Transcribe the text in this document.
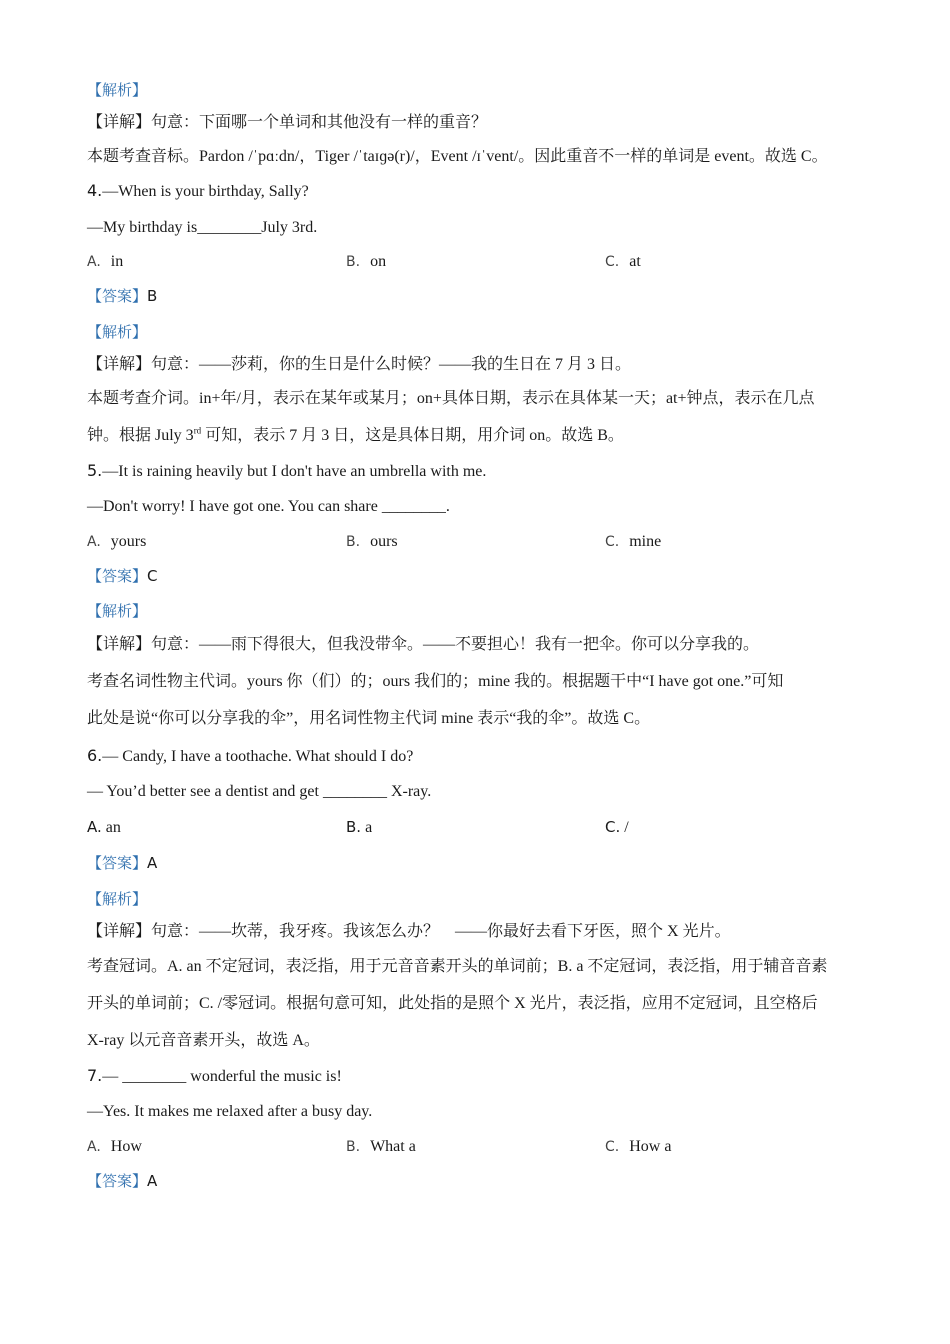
【解析】
【详解】句意：下面哪一个单词和其他没有一样的重音？
本题考查音标。Pardon /ˈpɑːdn/，Tiger /ˈtaɪɡə(r)/，Event /ɪˈvent/。因此重音不一样的单词是 event。故选 C。
4.—When is your birthday, Sally?
—My birthday is________July 3rd.
A. in	B. on	C. at
【答案】B
【解析】
【详解】句意：——莎莉，你的生日是什么时候？——我的生日在 7 月 3 日。
本题考查介词。in+年/月，表示在某年或某月；on+具体日期，表示在具体某一天；at+钟点，表示在几点
钟。根据 July 3rd 可知，表示 7 月 3 日，这是具体日期，用介词 on。故选 B。
5.—It is raining heavily but I don't have an umbrella with me.
—Don't worry! I have got one. You can share ________.
A. yours	B. ours	C. mine
【答案】C
【解析】
【详解】句意：——雨下得很大，但我没带伞。——不要担心！我有一把伞。你可以分享我的。
考查名词性物主代词。yours 你（们）的；ours 我们的；mine 我的。根据题干中“I have got one.”可知
此处是说“你可以分享我的伞”，用名词性物主代词 mine 表示“我的伞”。故选 C。
6.— Candy, I have a toothache. What should I do?
— You’d better see a dentist and get ________ X-ray.
A. an	B. a	C. /
【答案】A
【解析】
【详解】句意：——坎蒂，我牙疼。我该怎么办？　——你最好去看下牙医，照个 X 光片。
考查冠词。A. an 不定冠词，表泛指，用于元音音素开头的单词前；B. a 不定冠词，表泛指，用于辅音音素
开头的单词前；C. /零冠词。根据句意可知，此处指的是照个 X 光片，表泛指，应用不定冠词，且空格后
X-ray 以元音音素开头，故选 A。
7.— ________ wonderful the music is!
—Yes. It makes me relaxed after a busy day.
A. How	B. What a	C. How a
【答案】A
